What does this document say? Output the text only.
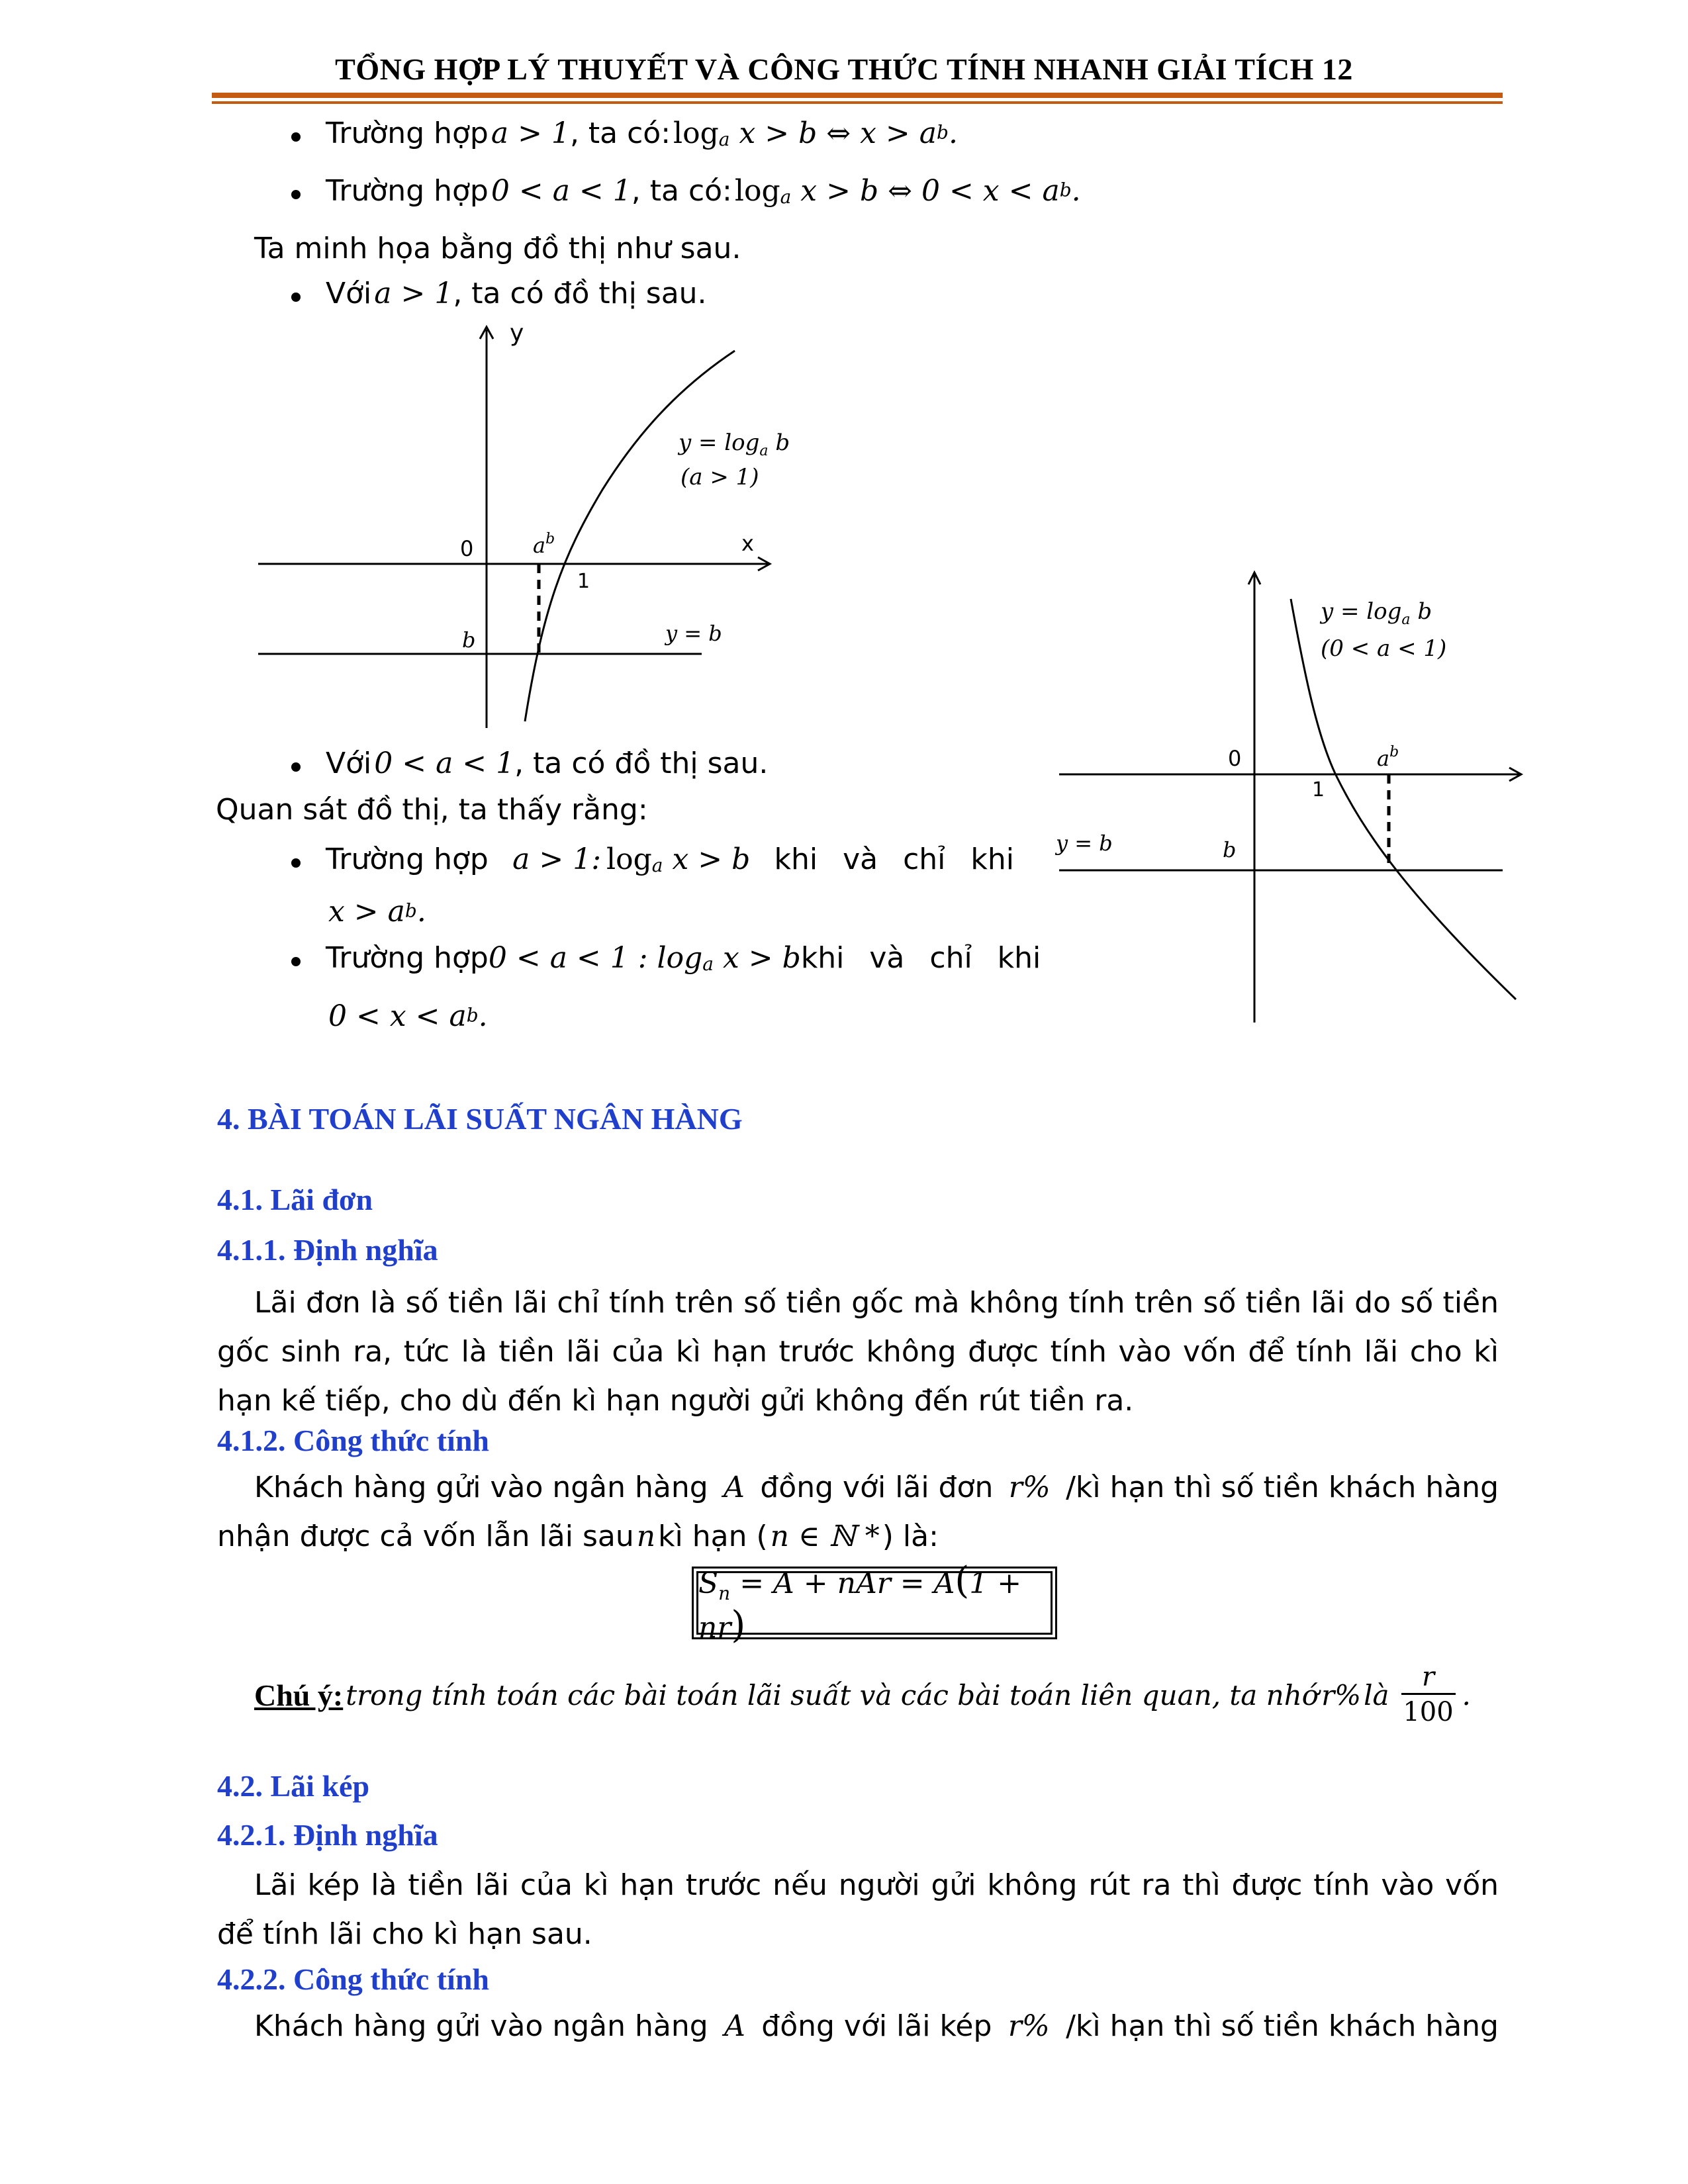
TỔNG HỢP LÝ THUYẾT VÀ CÔNG THỨC TÍNH NHANH GIẢI TÍCH 12
Trường hợp a > 1, ta có: $\log_a x > b$ ⇔ $x > a^b$.
Trường hợp 0 < a < 1, ta có: $\log_a x > b$ ⇔ $0 < x < a^b$.
Ta minh họa bằng đồ thị như sau.
Với a > 1, ta có đồ thị sau.
y
x
0	$a^b$
1
b	y = b
$y = \log_a b$
(a > 1)
0	$a^b$
1
b
y = b
$y = \log_a b$
(0 < a < 1)
Với 0 < a < 1, ta có đồ thị sau.
Quan sát đồ thị, ta thấy rằng:
Trường hợp a > 1: $\log_a x > b$ khi và chỉ khi
$x > a^b$.
Trường hợp 0 < a < 1 : $\log_a x > b$ khi và chỉ khi
$0 < x < a^b$.
4. BÀI TOÁN LÃI SUẤT NGÂN HÀNG
4.1. Lãi đơn
4.1.1. Định nghĩa
Lãi đơn là số tiền lãi chỉ tính trên số tiền gốc mà không tính trên số tiền lãi do số tiền gốc sinh ra, tức là tiền lãi của kì hạn trước không được tính vào vốn để tính lãi cho kì hạn kế tiếp, cho dù đến kì hạn người gửi không đến rút tiền ra.
4.1.2. Công thức tính
Khách hàng gửi vào ngân hàng A đồng với lãi đơn r% /kì hạn thì số tiền khách hàng
nhận được cả vốn lẫn lãi sau n kì hạn ( n ∈ ℕ * ) là:
$S_n = A$ + nAr = A(1 + nr)
Chú ý:
trong tính toán các bài toán lãi suất và các bài toán liên quan, ta nhớ
r%
là

r
100
.
4.2. Lãi kép
4.2.1. Định nghĩa
Lãi kép là tiền lãi của kì hạn trước nếu người gửi không rút ra thì được tính vào vốn để tính lãi cho kì hạn sau.
4.2.2. Công thức tính
Khách hàng gửi vào ngân hàng A đồng với lãi kép r% /kì hạn thì số tiền khách hàng
